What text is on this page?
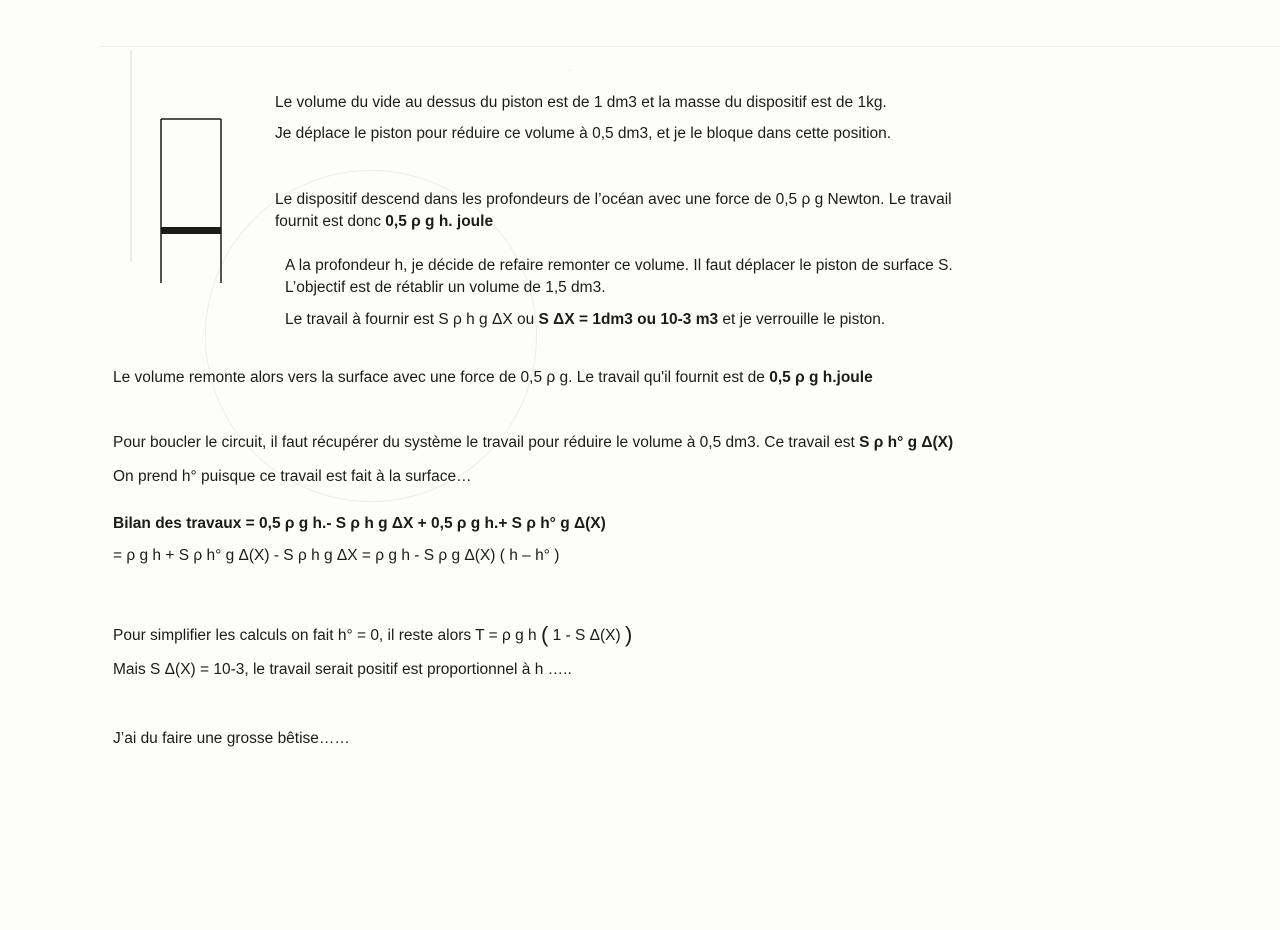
.
Le volume du vide au dessus du piston est de 1 dm3 et la masse du dispositif est de 1kg.
Je déplace le piston pour réduire ce volume à 0,5 dm3, et je le bloque dans cette position.
Le dispositif descend dans les profondeurs de l’océan avec une force de 0,5 ρ g Newton. Le travail
fournit est donc 0,5 ρ g h. joule
A la profondeur h, je décide de refaire remonter ce volume. Il faut déplacer le piston de surface S.
L’objectif est de rétablir un volume de 1,5 dm3.
Le travail à fournir est S ρ h g ΔX ou S ΔX = 1dm3 ou 10-3 m3 et je verrouille le piston.
Le volume remonte alors vers la surface avec une force de 0,5 ρ g. Le travail qu'il fournit est de 0,5 ρ g h.joule
Pour boucler le circuit, il faut récupérer du système le travail pour réduire le volume à 0,5 dm3. Ce travail est S ρ h° g Δ(X)
On prend h° puisque ce travail est fait à la surface…
Bilan des travaux = 0,5 ρ g h.- S ρ h g ΔX + 0,5 ρ g h.+ S ρ h° g Δ(X)
= ρ g h + S ρ h° g Δ(X) - S ρ h g ΔX = ρ g h - S ρ g Δ(X) ( h – h° )
Pour simplifier les calculs on fait h° = 0, il reste alors T = ρ g h ( 1 - S Δ(X) )
Mais S Δ(X) = 10-3, le travail serait positif est proportionnel à h …..
J’ai du faire une grosse bêtise……
